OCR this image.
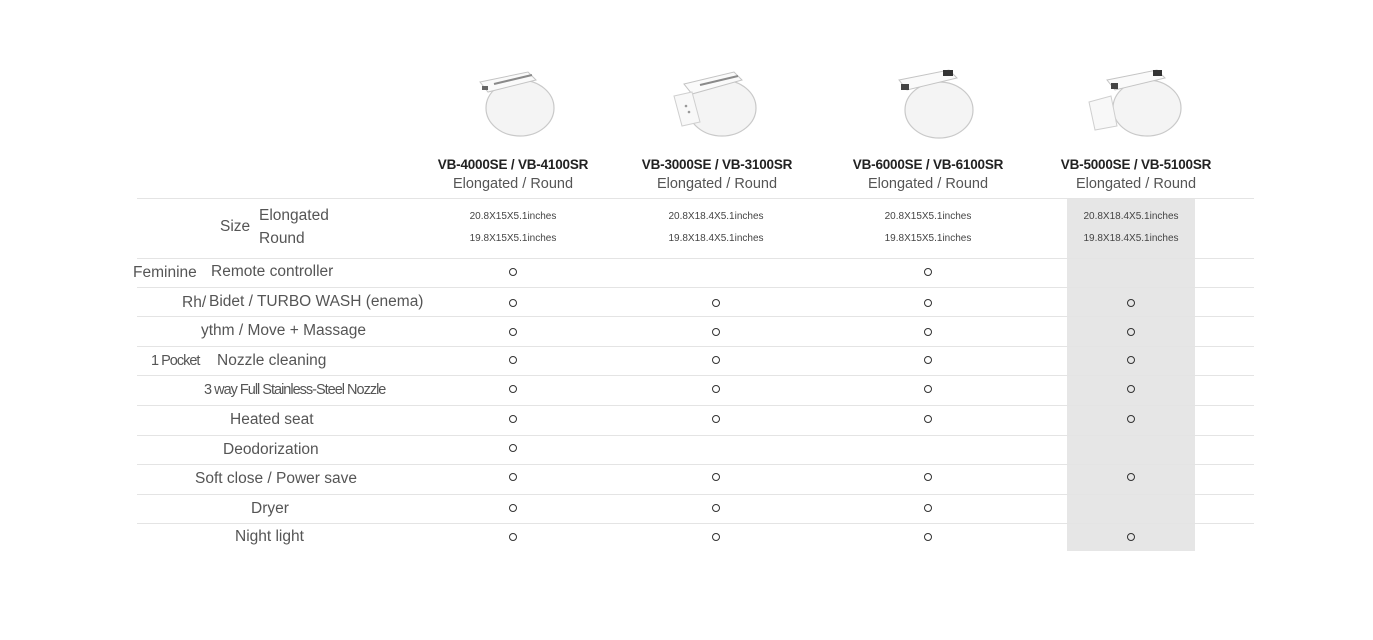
VB-4000SE / VB-4100SR
Elongated / Round
VB-3000SE / VB-3100SR
Elongated / Round
VB-6000SE / VB-6100SR
Elongated / Round
VB-5000SE / VB-5100SR
Elongated / Round
Size
Elongated
Round
20.8X15X5.1inches
19.8X15X5.1inches
20.8X18.4X5.1inches
19.8X18.4X5.1inches
20.8X15X5.1inches
19.8X15X5.1inches
20.8X18.4X5.1inches
19.8X18.4X5.1inches
Feminine Remote controller
Rh/ Bidet / TURBO WASH (enema)
ythm / Move + Massage
1 Pocket Nozzle cleaning
3 way Full Stainless-Steel Nozzle
Heated seat
Deodorization
Soft close / Power save
Dryer
Night light
